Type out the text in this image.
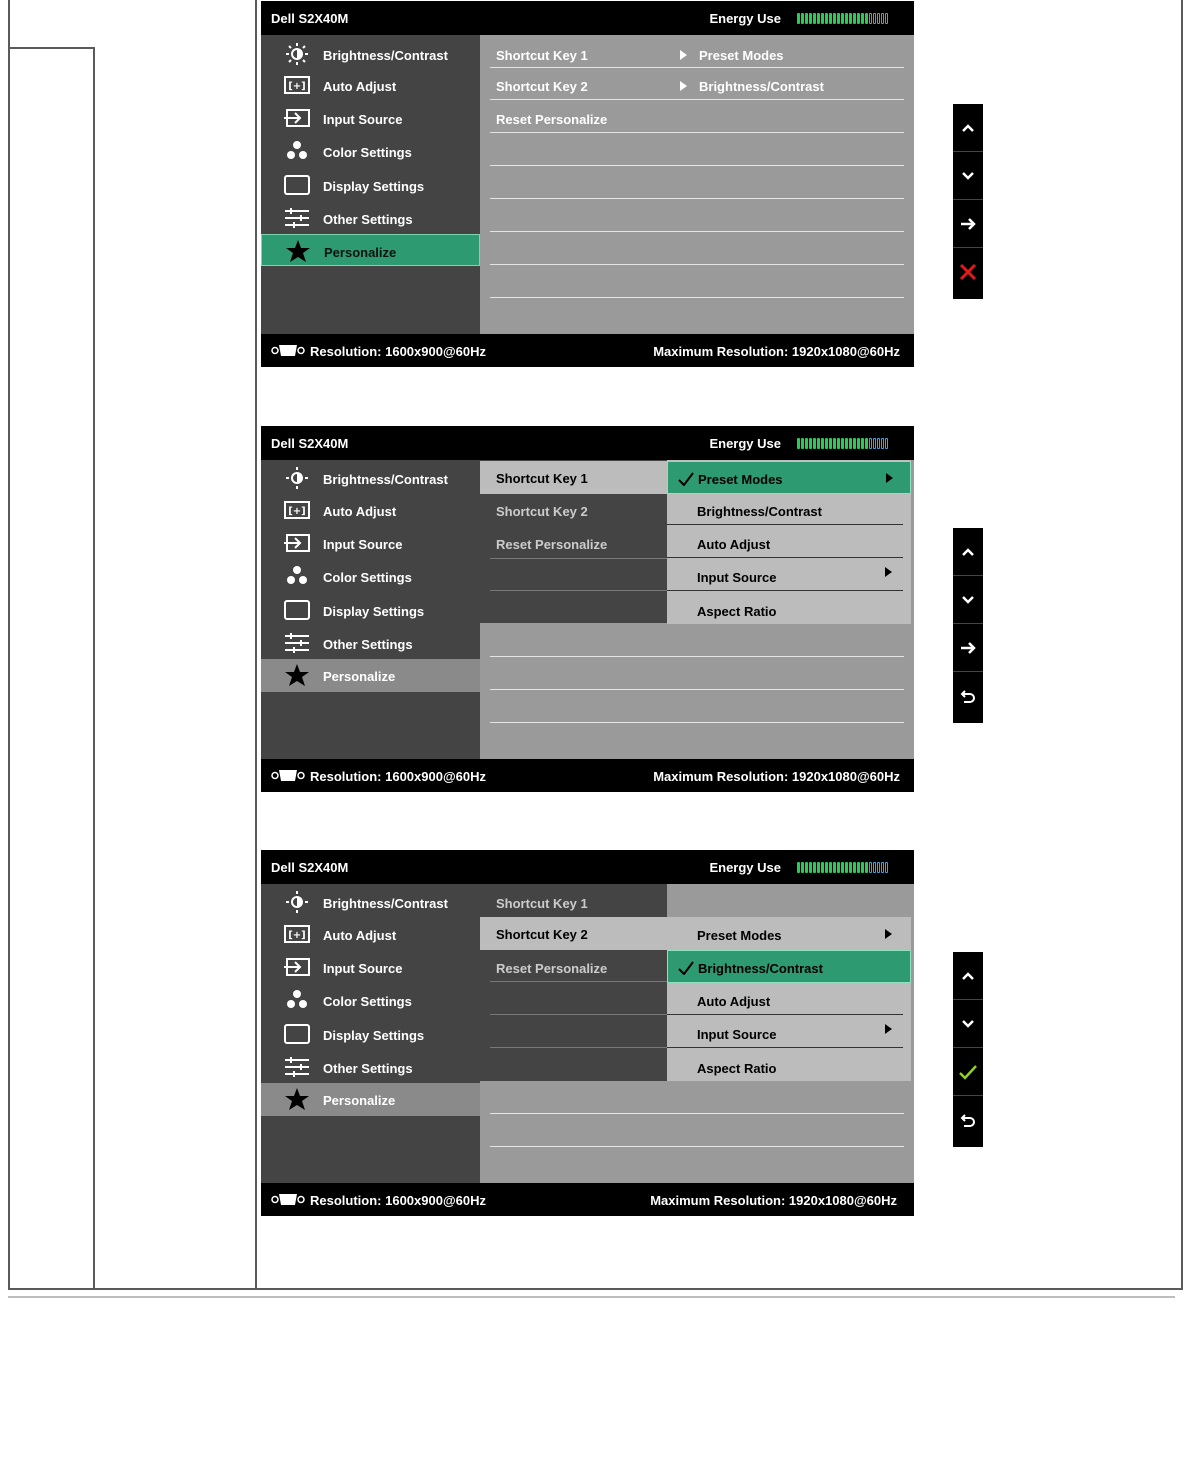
Dell S2X40M	Energy Use
Brightness/Contrast
[+] Auto Adjust
Input Source
Color Settings
Display Settings
Other Settings
Personalize
Shortcut Key 1	Preset Modes
Shortcut Key 2	Brightness/Contrast
Reset Personalize
Resolution: 1600x900@60Hz	Maximum Resolution: 1920x1080@60Hz
Dell S2X40M	Energy Use
Brightness/Contrast
[+] Auto Adjust
Input Source
Color Settings
Display Settings
Other Settings
Personalize
Shortcut Key 1
Shortcut Key 2
Reset Personalize
Preset Modes
Brightness/Contrast
Auto Adjust
Input Source
Aspect Ratio
Resolution: 1600x900@60Hz	Maximum Resolution: 1920x1080@60Hz
Dell S2X40M	Energy Use
Brightness/Contrast
[+] Auto Adjust
Input Source
Color Settings
Display Settings
Other Settings
Personalize
Shortcut Key 1
Shortcut Key 2
Reset Personalize
Preset Modes
Brightness/Contrast
Auto Adjust
Input Source
Aspect Ratio
Resolution: 1600x900@60Hz	Maximum Resolution: 1920x1080@60Hz
